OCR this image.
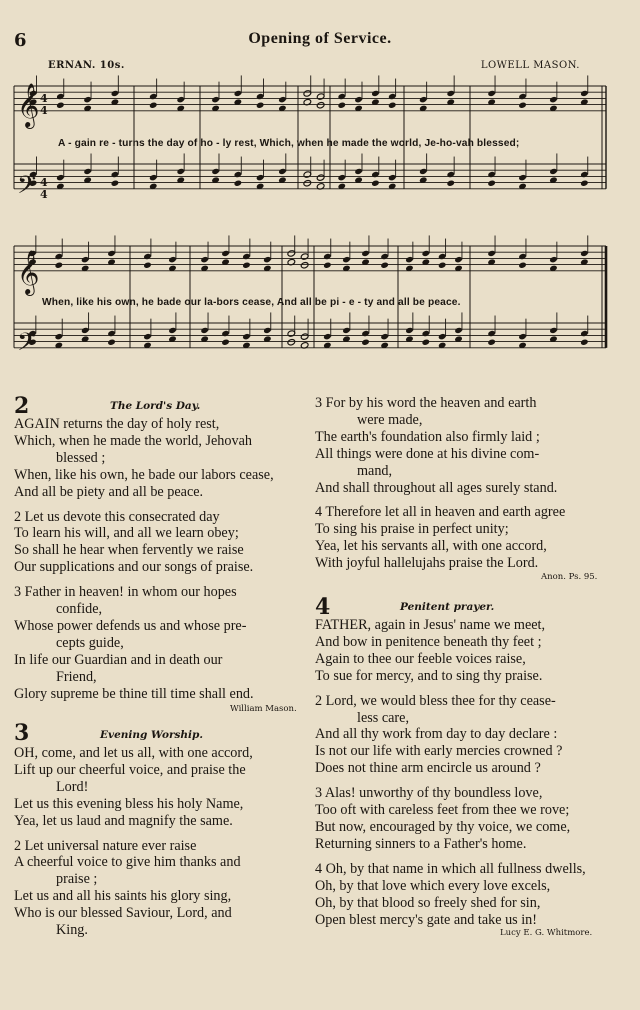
6	Opening of Service.
ERNAN. 10s.	LOWELL MASON.
𝄞
𝄢
𝄞
𝄢
4
4
4
4
A - gain re - turns the day of ho - ly rest, Which, when he made the world, Je-ho-vah blessed;
When, like his own, he bade our la-bors cease, And all be pi - e - ty and all be peace.
2	The Lord's Day.
AGAIN returns the day of holy rest,
Which, when he made the world, Jehovah
blessed ;
When, like his own, he bade our labors cease,
And all be piety and all be peace.
2 Let us devote this consecrated day
To learn his will, and all we learn obey;
So shall he hear when fervently we raise
Our supplications and our songs of praise.
3 Father in heaven! in whom our hopes
confide,
Whose power defends us and whose pre-
cepts guide,
In life our Guardian and in death our
Friend,
Glory supreme be thine till time shall end.
William Mason.
3	Evening Worship.
OH, come, and let us all, with one accord,
Lift up our cheerful voice, and praise the
Lord!
Let us this evening bless his holy Name,
Yea, let us laud and magnify the same.
2 Let universal nature ever raise
A cheerful voice to give him thanks and
praise ;
Let us and all his saints his glory sing,
Who is our blessed Saviour, Lord, and
King.
3 For by his word the heaven and earth
were made,
The earth's foundation also firmly laid ;
All things were done at his divine com-
mand,
And shall throughout all ages surely stand.
4 Therefore let all in heaven and earth agree
To sing his praise in perfect unity;
Yea, let his servants all, with one accord,
With joyful hallelujahs praise the Lord.
Anon. Ps. 95.
4	Penitent prayer.
FATHER, again in Jesus' name we meet,
And bow in penitence beneath thy feet ;
Again to thee our feeble voices raise,
To sue for mercy, and to sing thy praise.
2 Lord, we would bless thee for thy cease-
less care,
And all thy work from day to day declare :
Is not our life with early mercies crowned ?
Does not thine arm encircle us around ?
3 Alas! unworthy of thy boundless love,
Too oft with careless feet from thee we rove;
But now, encouraged by thy voice, we come,
Returning sinners to a Father's home.
4 Oh, by that name in which all fullness dwells,
Oh, by that love which every love excels,
Oh, by that blood so freely shed for sin,
Open blest mercy's gate and take us in!
Lucy E. G. Whitmore.
